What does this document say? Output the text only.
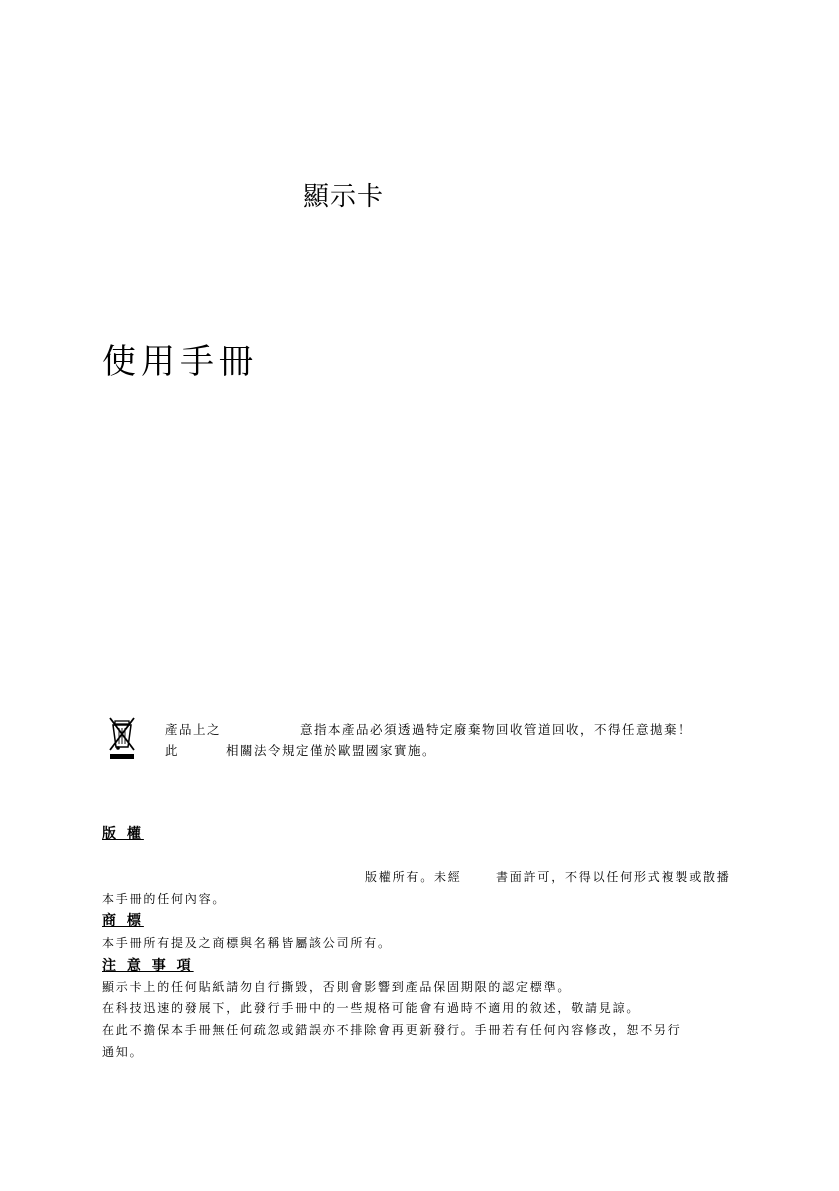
顯示卡
使用手冊
產品上之	意指本產品必須透過特定廢棄物回收管道回收，不得任意拋棄！
此	相關法令規定僅於歐盟國家實施。
版 權
版權所有。未經	書面許可，不得以任何形式複製或散播
本手冊的任何內容。
商 標
本手冊所有提及之商標與名稱皆屬該公司所有。
注 意 事 項
顯示卡上的任何貼紙請勿自行撕毀，否則會影響到產品保固期限的認定標準。
在科技迅速的發展下，此發行手冊中的一些規格可能會有過時不適用的敘述，敬請見諒。
在此不擔保本手冊無任何疏忽或錯誤亦不排除會再更新發行。手冊若有任何內容修改，恕不另行
通知。
